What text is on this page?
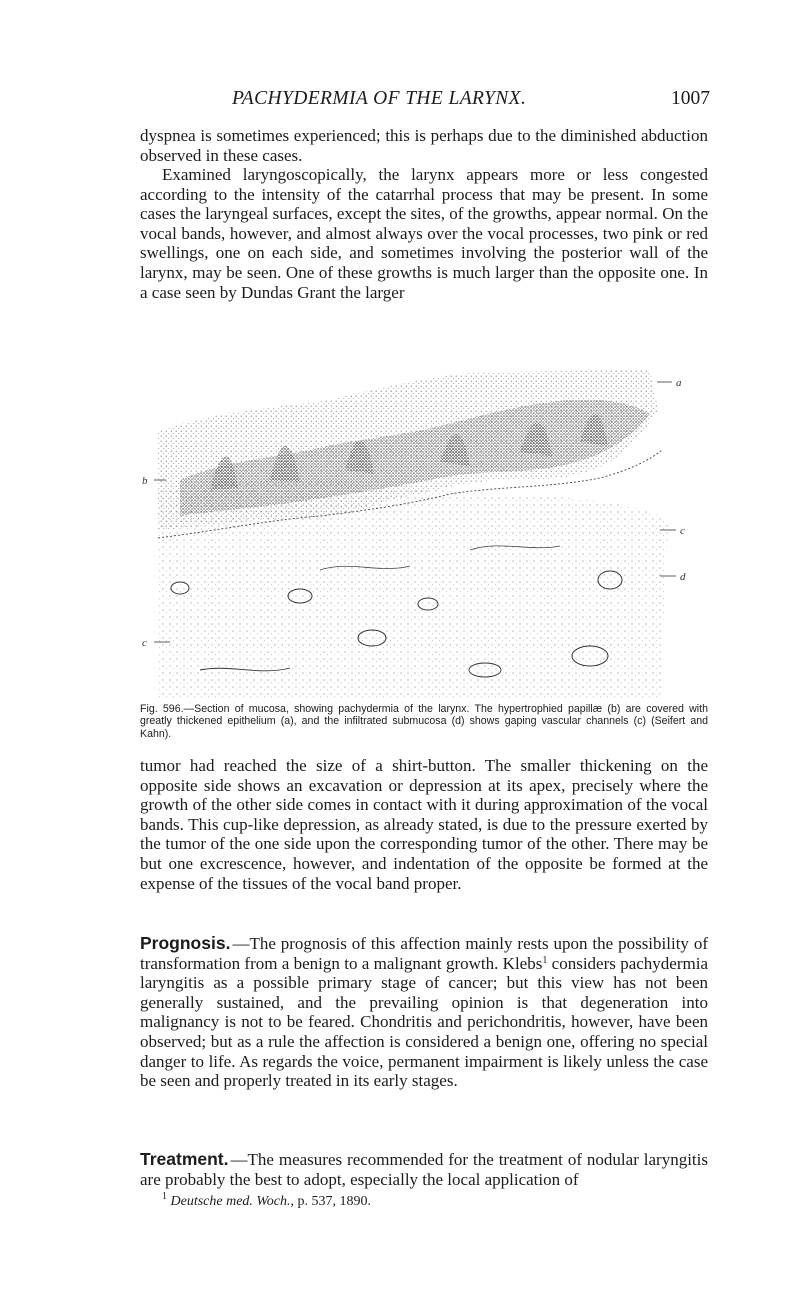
PACHYDERMIA OF THE LARYNX.	1007

dyspnea is sometimes experienced; this is perhaps due to the diminished abduction observed in these cases.

Examined laryngoscopically, the larynx appears more or less congested according to the intensity of the catarrhal process that may be present. In some cases the laryngeal surfaces, except the sites, of the growths, appear normal. On the vocal bands, however, and almost always over the vocal processes, two pink or red swellings, one on each side, and sometimes involving the posterior wall of the larynx, may be seen. One of these growths is much larger than the opposite one. In a case seen by Dundas Grant the larger

a
b
c
d
c

Fig. 596.—Section of mucosa, showing pachydermia of the larynx. The hypertrophied papillæ (b) are covered with greatly thickened epithelium (a), and the infiltrated submucosa (d) shows gaping vascular channels (c) (Seifert and Kahn).

tumor had reached the size of a shirt-button. The smaller thickening on the opposite side shows an excavation or depression at its apex, precisely where the growth of the other side comes in contact with it during approximation of the vocal bands. This cup-like depression, as already stated, is due to the pressure exerted by the tumor of the one side upon the corresponding tumor of the other. There may be but one excrescence, however, and indentation of the opposite be formed at the expense of the tissues of the vocal band proper.

Prognosis. —The prognosis of this affection mainly rests upon the possibility of transformation from a benign to a malignant growth. Klebs$^1$ considers pachydermia laryngitis as a possible primary stage of cancer; but this view has not been generally sustained, and the prevailing opinion is that degeneration into malignancy is not to be feared. Chondritis and perichondritis, however, have been observed; but as a rule the affection is considered a benign one, offering no special danger to life. As regards the voice, permanent impairment is likely unless the case be seen and properly treated in its early stages.

Treatment. —The measures recommended for the treatment of nodular laryngitis are probably the best to adopt, especially the local application of

$^1$ Deutsche med. Woch., p. 537, 1890.
